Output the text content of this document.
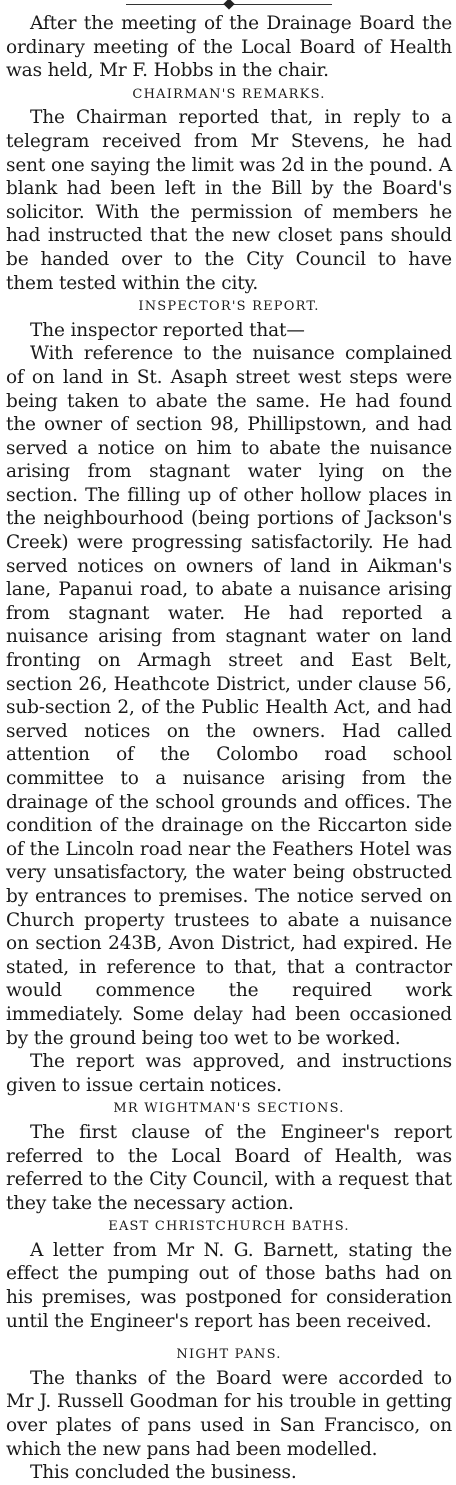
After the meeting of the Drainage Board the ordinary meeting of the Local Board of Health was held, Mr F. Hobbs in the chair.

CHAIRMAN'S REMARKS.

The Chairman reported that, in reply to a telegram received from Mr Stevens, he had sent one saying the limit was 2d in the pound. A blank had been left in the Bill by the Board's solicitor. With the permission of members he had instructed that the new closet pans should be handed over to the City Council to have them tested within the city.

INSPECTOR'S REPORT.

The inspector reported that—

With reference to the nuisance complained of on land in St. Asaph street west steps were being taken to abate the same. He had found the owner of section 98, Phillipstown, and had served a notice on him to abate the nuisance arising from stagnant water lying on the section. The filling up of other hollow places in the neighbourhood (being portions of Jackson's Creek) were progressing satisfactorily. He had served notices on owners of land in Aikman's lane, Papanui road, to abate a nuisance arising from stagnant water. He had reported a nuisance arising from stagnant water on land fronting on Armagh street and East Belt, section 26, Heathcote District, under clause 56, sub-section 2, of the Public Health Act, and had served notices on the owners. Had called attention of the Colombo road school committee to a nuisance arising from the drainage of the school grounds and offices. The condition of the drainage on the Riccarton side of the Lincoln road near the Feathers Hotel was very unsatisfactory, the water being obstructed by entrances to premises. The notice served on Church property trustees to abate a nuisance on section 243B, Avon District, had expired. He stated, in reference to that, that a contractor would commence the required work immediately. Some delay had been occasioned by the ground being too wet to be worked.

The report was approved, and instructions given to issue certain notices.

MR WIGHTMAN'S SECTIONS.

The first clause of the Engineer's report referred to the Local Board of Health, was referred to the City Council, with a request that they take the necessary action.

EAST CHRISTCHURCH BATHS.

A letter from Mr N. G. Barnett, stating the effect the pumping out of those baths had on his premises, was postponed for consideration until the Engineer's report has been received.

NIGHT PANS.

The thanks of the Board were accorded to Mr J. Russell Goodman for his trouble in getting over plates of pans used in San Francisco, on which the new pans had been modelled.

This concluded the business.
